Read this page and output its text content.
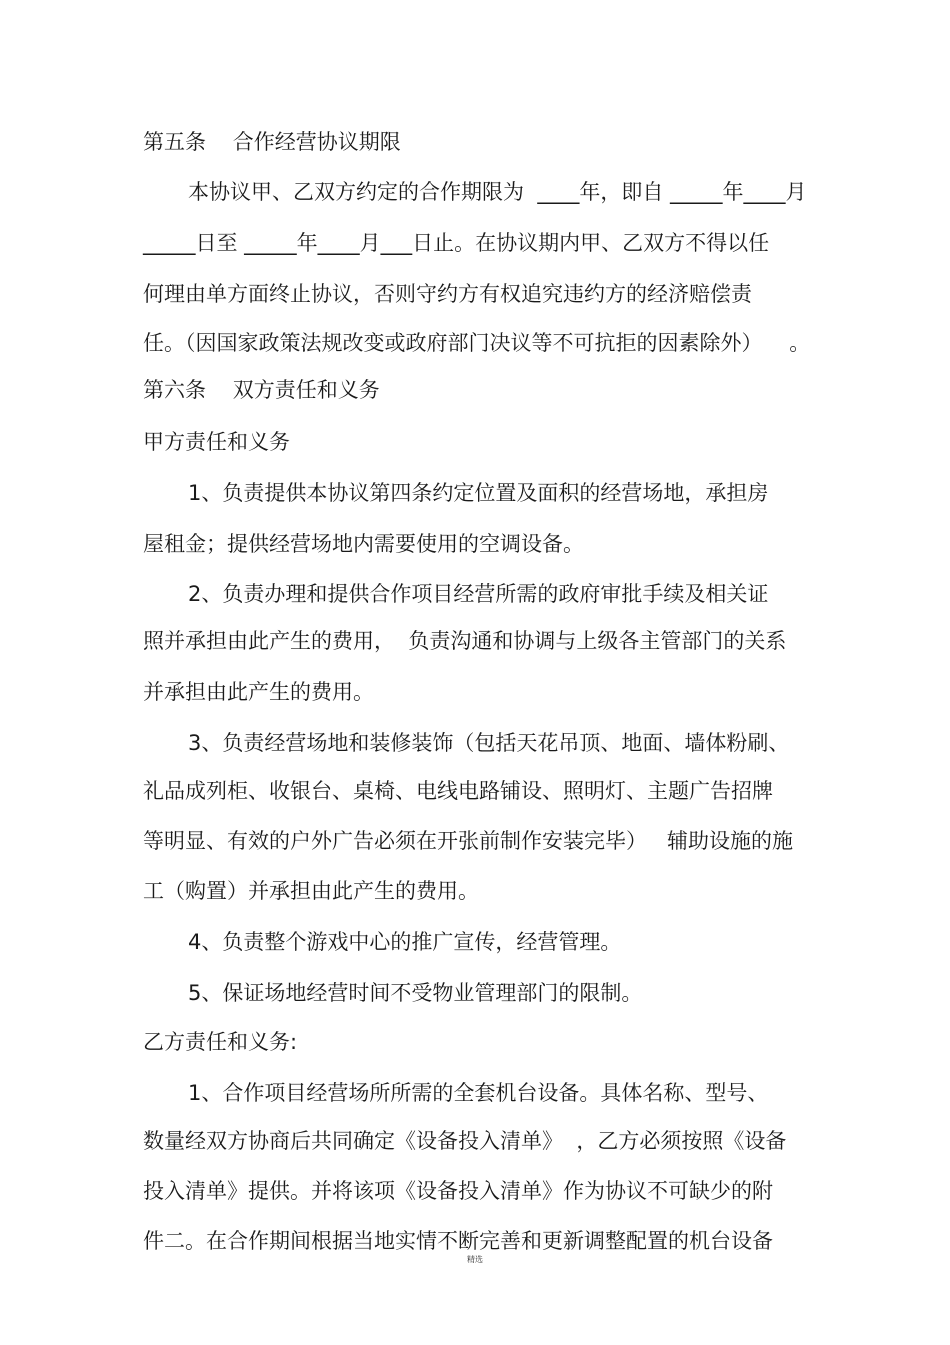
第五条    合作经营协议期限
本协议甲、乙双方约定的合作期限为  ____年，即自 _____年____月
_____日至 _____年____月___日止。在协议期内甲、乙双方不得以任
何理由单方面终止协议，否则守约方有权追究违约方的经济赔偿责
任。（因国家政策法规改变或政府部门决议等不可抗拒的因素除外）    。
第六条    双方责任和义务
甲方责任和义务
1、负责提供本协议第四条约定位置及面积的经营场地，承担房
屋租金；提供经营场地内需要使用的空调设备。
2、负责办理和提供合作项目经营所需的政府审批手续及相关证
照并承担由此产生的费用，  负责沟通和协调与上级各主管部门的关系
并承担由此产生的费用。
3、负责经营场地和装修装饰（包括天花吊顶、地面、墙体粉刷、
礼品成列柜、收银台、桌椅、电线电路铺设、照明灯、主题广告招牌
等明显、有效的户外广告必须在开张前制作安装完毕）   辅助设施的施
工（购置）并承担由此产生的费用。
4、负责整个游戏中心的推广宣传，经营管理。
5、保证场地经营时间不受物业管理部门的限制。
乙方责任和义务:
1、合作项目经营场所所需的全套机台设备。具体名称、型号、
数量经双方协商后共同确定《设备投入清单》  ，乙方必须按照《设备
投入清单》提供。并将该项《设备投入清单》作为协议不可缺少的附
件二。在合作期间根据当地实情不断完善和更新调整配置的机台设备
精选
